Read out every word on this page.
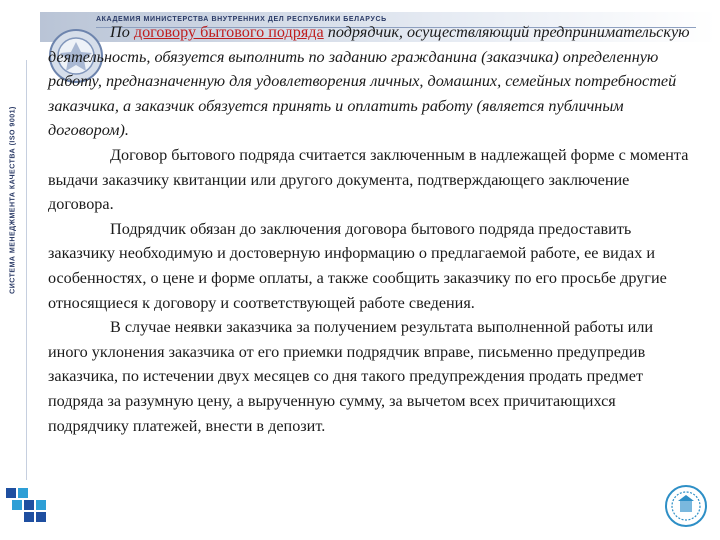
АКАДЕМИЯ МИНИСТЕРСТВА ВНУТРЕННИХ ДЕЛ РЕСПУБЛИКИ БЕЛАРУСЬ
СИСТЕМА МЕНЕДЖМЕНТА КАЧЕСТВА (ISO 9001)

По договору бытового подряда подрядчик, осуществляющий предпринимательскую деятельность, обязуется выполнить по заданию гражданина (заказчика) определенную работу, предназначенную для удовлетворения личных, домашних, семейных потребностей заказчика, а заказчик обязуется принять и оплатить работу (является публичным договором).

Договор бытового подряда считается заключенным в надлежащей форме с момента выдачи заказчику квитанции или другого документа, подтверждающего заключение договора.

Подрядчик обязан до заключения договора бытового подряда предоставить заказчику необходимую и достоверную информацию о предлагаемой работе, ее видах и особенностях, о цене и форме оплаты, а также сообщить заказчику по его просьбе другие относящиеся к договору и соответствующей работе сведения.

В случае неявки заказчика за получением результата выполненной работы или иного уклонения заказчика от его приемки подрядчик вправе, письменно предупредив заказчика, по истечении двух месяцев со дня такого предупреждения продать предмет подряда за разумную цену, а вырученную сумму, за вычетом всех причитающихся подрядчику платежей, внести в депозит.
